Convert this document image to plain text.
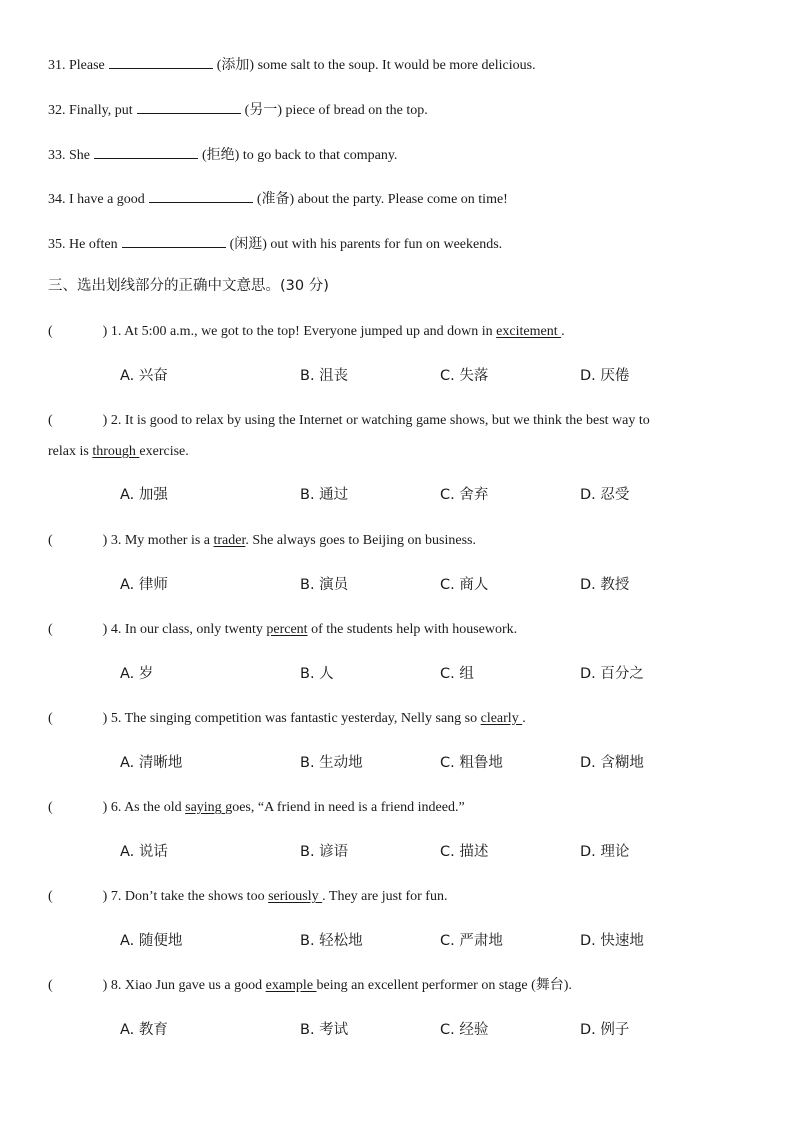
31. Please	(添加) some salt to the soup. It would be more delicious.
32. Finally, put	(另一) piece of bread on the top.
33. She	(拒绝) to go back to that company.
34. I have a good	(准备) about the party. Please come on time!
35. He often	(闲逛) out with his parents for fun on weekends.
三、选出划线部分的正确中文意思。(30 分)
(	) 1. At 5:00 a.m., we got to the top! Everyone jumped up and down in excitement .
A. 兴奋	B. 沮丧	C. 失落	D. 厌倦
(	) 2. It is good to relax by using the Internet or watching game shows, but we think the best way to
relax is through exercise.
A. 加强	B. 通过	C. 舍弃	D. 忍受
(	) 3. My mother is a trader. She always goes to Beijing on business.
A. 律师	B. 演员	C. 商人	D. 教授
(	) 4. In our class, only twenty percent of the students help with housework.
A. 岁	B. 人	C. 组	D. 百分之
(	) 5. The singing competition was fantastic yesterday, Nelly sang so clearly .
A. 清晰地	B. 生动地	C. 粗鲁地	D. 含糊地
(	) 6. As the old saying goes, “A friend in need is a friend indeed.”
A. 说话	B. 谚语	C. 描述	D. 理论
(	) 7. Don’t take the shows too seriously . They are just for fun.
A. 随便地	B. 轻松地	C. 严肃地	D. 快速地
(	) 8. Xiao Jun gave us a good example being an excellent performer on stage (舞台).
A. 教育	B. 考试	C. 经验	D. 例子
